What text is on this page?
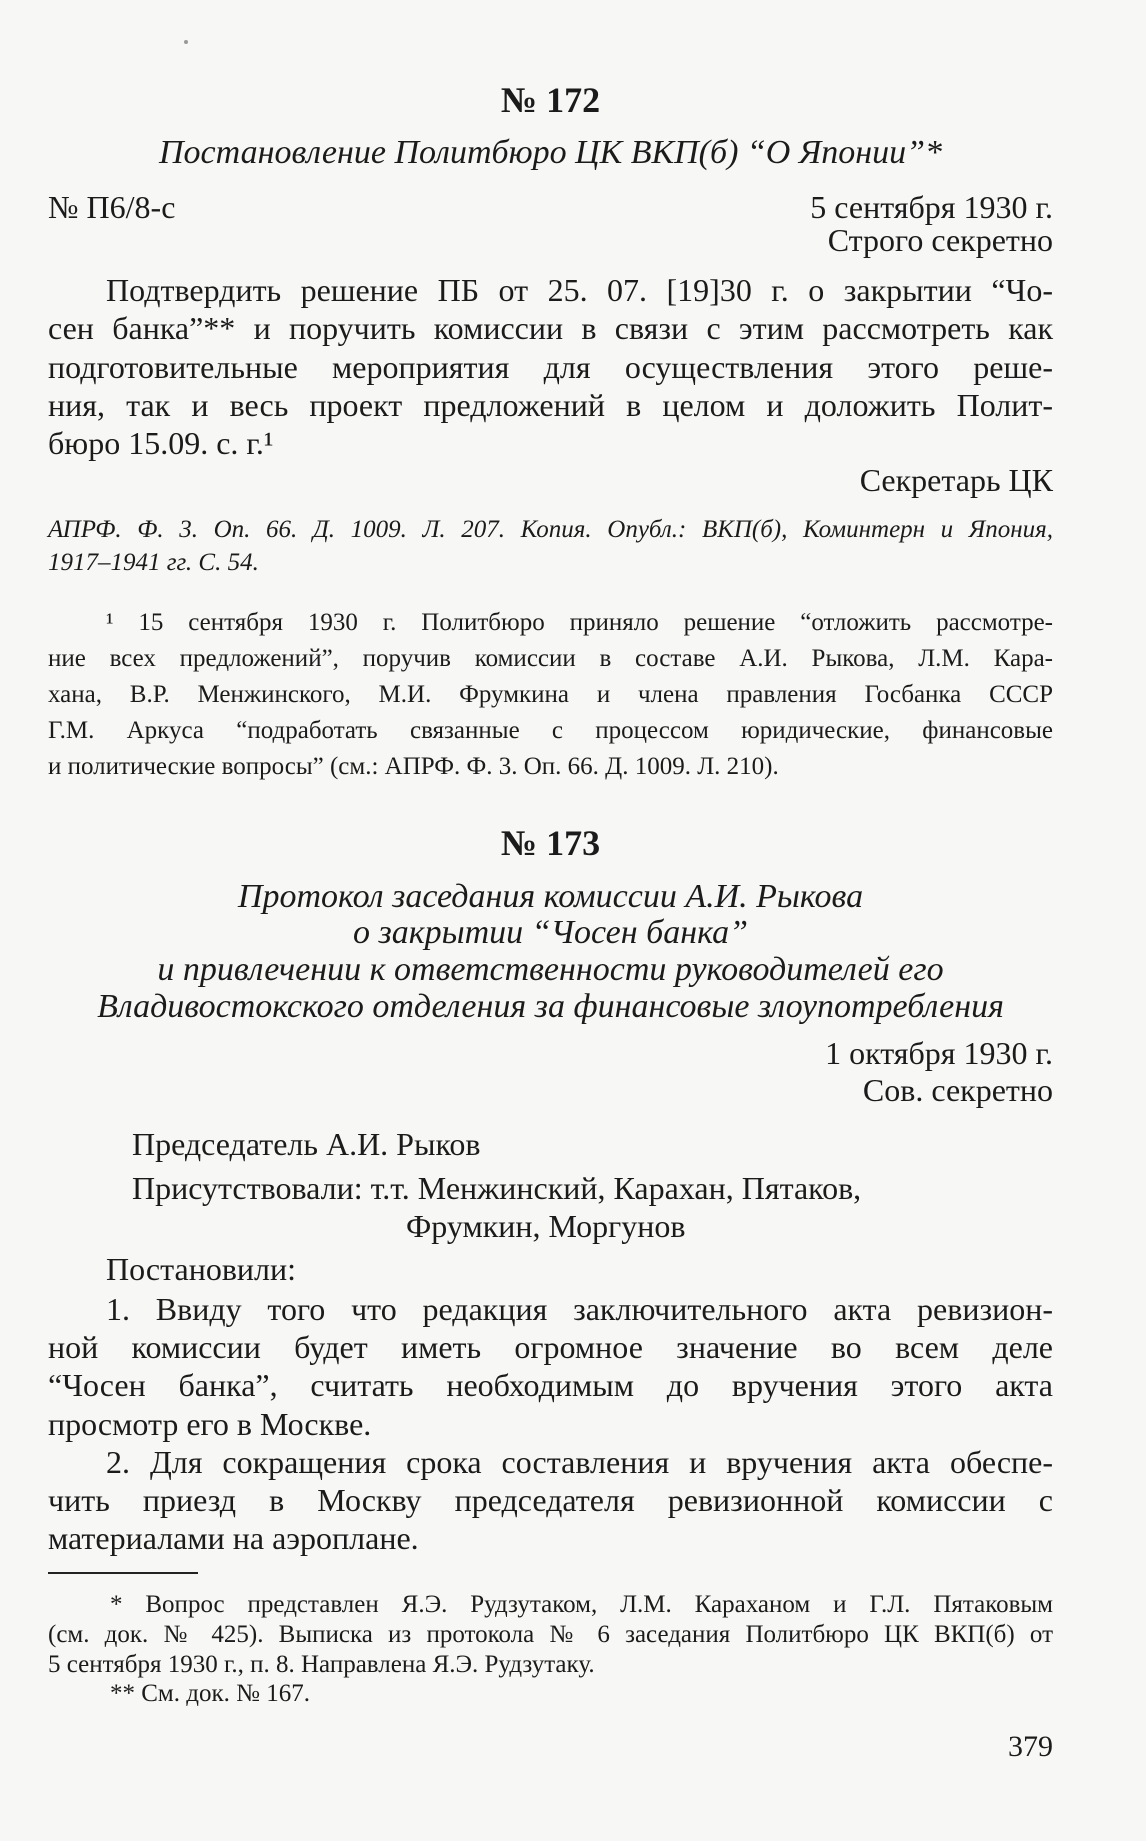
№ 172
Постановление Политбюро ЦК ВКП(б) “О Японии”*
№ П6/8-с	5 сентября 1930 г.
Строго секретно
Подтвердить решение ПБ от 25. 07. [19]30 г. о закрытии “Чо-
сен банка”** и поручить комиссии в связи с этим рассмотреть как
подготовительные мероприятия для осуществления этого реше-
ния, так и весь проект предложений в целом и доложить Полит-
бюро 15.09. с. г.¹
Секретарь ЦК
АПРФ. Ф. 3. Оп. 66. Д. 1009. Л. 207. Копия. Опубл.: ВКП(б), Коминтерн и Япония,
1917–1941 гг. С. 54.
¹ 15 сентября 1930 г. Политбюро приняло решение “отложить рассмотре-
ние всех предложений”, поручив комиссии в составе А.И. Рыкова, Л.М. Кара-
хана, В.Р. Менжинского, М.И. Фрумкина и члена правления Госбанка СССР
Г.М. Аркуса “подработать связанные с процессом юридические, финансовые
и политические вопросы” (см.: АПРФ. Ф. 3. Оп. 66. Д. 1009. Л. 210).
№ 173
Протокол заседания комиссии А.И. Рыкова
о закрытии “Чосен банка”
и привлечении к ответственности руководителей его
Владивостокского отделения за финансовые злоупотребления
1 октября 1930 г.
Сов. секретно
Председатель А.И. Рыков
Присутствовали: т.т. Менжинский, Карахан, Пятаков,
Фрумкин, Моргунов
Постановили:
1. Ввиду того что редакция заключительного акта ревизион-
ной комиссии будет иметь огромное значение во всем деле
“Чосен банка”, считать необходимым до вручения этого акта
просмотр его в Москве.
2. Для сокращения срока составления и вручения акта обеспе-
чить приезд в Москву председателя ревизионной комиссии с
материалами на аэроплане.
* Вопрос представлен Я.Э. Рудзутаком, Л.М. Караханом и Г.Л. Пятаковым
(см. док. № 425). Выписка из протокола № 6 заседания Политбюро ЦК ВКП(б) от
5 сентября 1930 г., п. 8. Направлена Я.Э. Рудзутаку.
** См. док. № 167.
379
